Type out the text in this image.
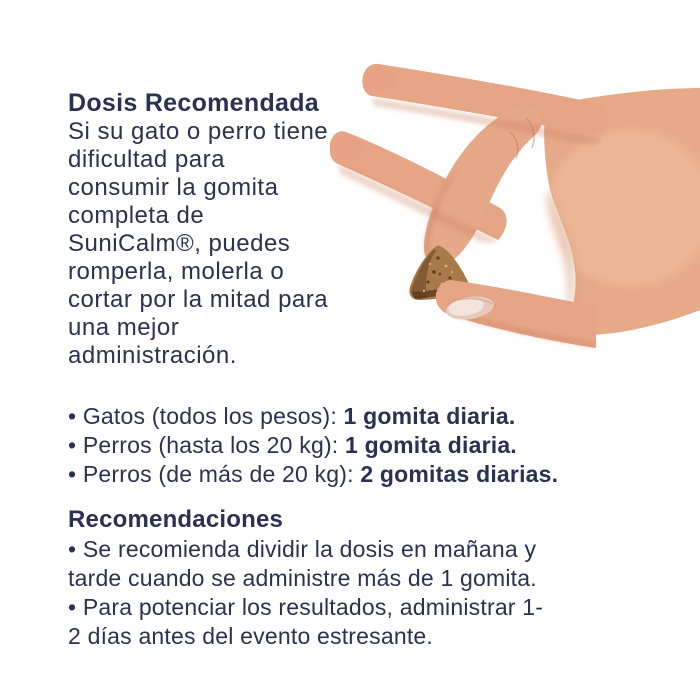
Dosis Recomendada
Si su gato o perro tiene
dificultad para
consumir la gomita
completa de
SuniCalm®, puedes
romperla, molerla o
cortar por la mitad para
una mejor
administración.
• Gatos (todos los pesos): 1 gomita diaria.
• Perros (hasta los 20 kg): 1 gomita diaria.
• Perros (de más de 20 kg): 2 gomitas diarias.
Recomendaciones
• Se recomienda dividir la dosis en mañana y
tarde cuando se administre más de 1 gomita.
• Para potenciar los resultados, administrar 1-
2 días antes del evento estresante.
